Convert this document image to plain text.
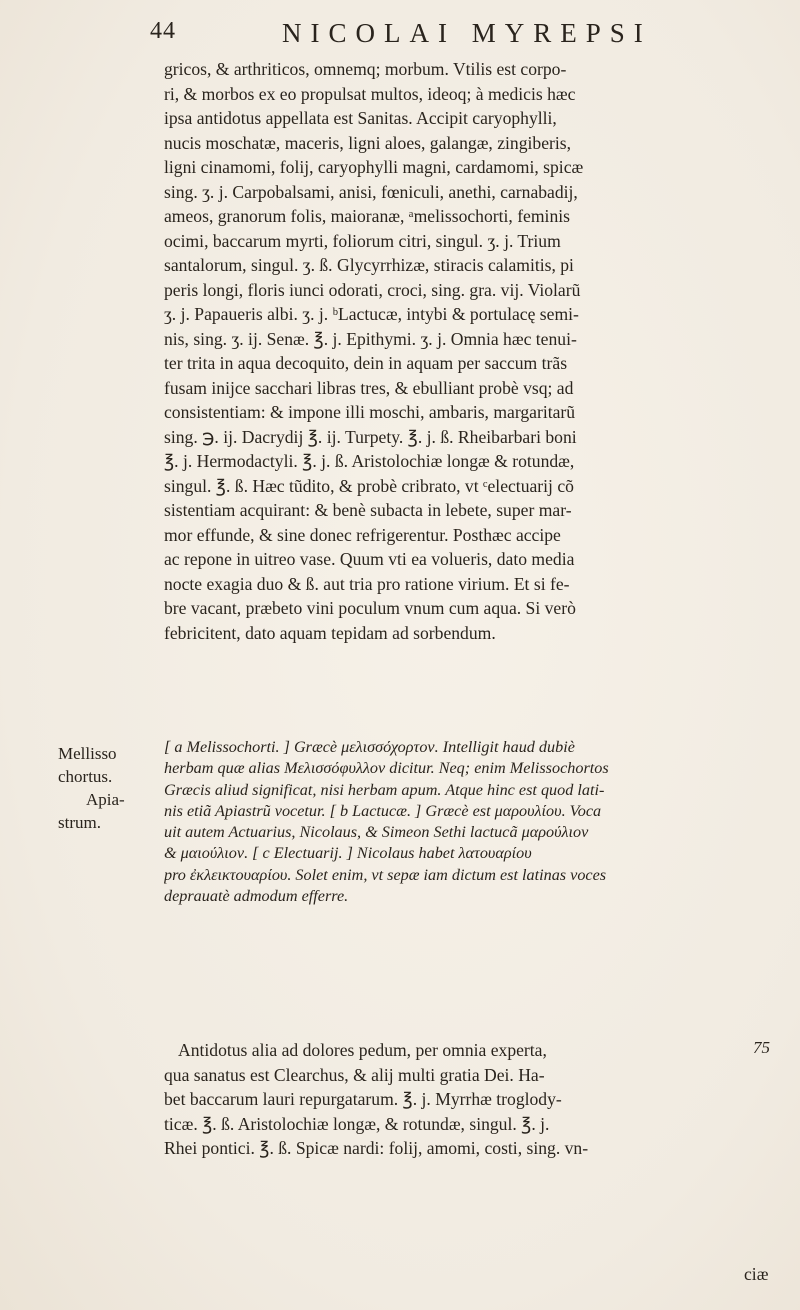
44	NICOLAI MYREPSI
gricos, & arthriticos, omnemq; morbum. Vtilis est corpo-
ri, & morbos ex eo propulsat multos, ideoq; à medicis hæc
ipsa antidotus appellata est Sanitas. Accipit caryophylli,
nucis moschatæ, maceris, ligni aloes, galangæ, zingiberis,
ligni cinamomi, folij, caryophylli magni, cardamomi, spicæ
sing. ʒ. j. Carpobalsami, anisi, fœniculi, anethi, carnabadij,
ameos, granorum folis, maioranæ, ᵃmelissochorti, feminis
ocimi, baccarum myrti, foliorum citri, singul. ʒ. j. Trium
santalorum, singul. ʒ. ß. Glycyrrhizæ, stiracis calamitis, pi
peris longi, floris iunci odorati, croci, sing. gra. vij. Violarũ
ʒ. j. Papaueris albi. ʒ. j. ᵇLactucæ, intybi & portulacę semi-
nis, sing. ʒ. ij. Senæ. ℥. j. Epithymi. ʒ. j. Omnia hæc tenui-
ter trita in aqua decoquito, dein in aquam per saccum trãs
fusam inijce sacchari libras tres, & ebulliant probè vsq; ad
consistentiam: & impone illi moschi, ambaris, margaritarũ
sing. ℈. ij. Dacrydij ℥. ij. Turpety. ℥. j. ß. Rheibarbari boni
℥. j. Hermodactyli. ℥. j. ß. Aristolochiæ longæ & rotundæ,
singul. ℥. ß. Hæc tũdito, & probè cribrato, vt ᶜelectuarij cõ
sistentiam acquirant: & benè subacta in lebete, super mar-
mor effunde, & sine donec refrigerentur. Posthæc accipe
ac repone in uitreo vase. Quum vti ea volueris, dato media
nocte exagia duo & ß. aut tria pro ratione virium. Et si fe-
bre vacant, præbeto vini poculum vnum cum aqua. Si verò
febricitent, dato aquam tepidam ad sorbendum.
Mellisso
chortus.
Apia-
strum.
[ a Melissochorti. ] Græcè μελισσόχορτον. Intelligit haud dubiè
herbam quæ alias Μελισσόφυλλον dicitur. Neq; enim Melissochortos
Græcis aliud significat, nisi herbam apum. Atque hinc est quod lati-
nis etiã Apiastrũ vocetur. [ b Lactucæ. ] Græcè est μαρουλίου. Voca
uit autem Actuarius, Nicolaus, & Simeon Sethi lactucã μαρούλιον
& μαιούλιον. [ c Electuarij. ] Nicolaus habet λατουαρίου
pro ἐκλεικτουαρίου. Solet enim, vt sepæ iam dictum est latinas voces
deprauatè admodum efferre.
Antidotus alia ad dolores pedum, per omnia experta,
qua sanatus est Clearchus, & alij multi gratia Dei. Ha-
bet baccarum lauri repurgatarum. ℥. j. Myrrhæ troglody-
ticæ. ℥. ß. Aristolochiæ longæ, & rotundæ, singul. ℥. j.
Rhei pontici. ℥. ß. Spicæ nardi: folij, amomi, costi, sing. vn-
75
ciæ
